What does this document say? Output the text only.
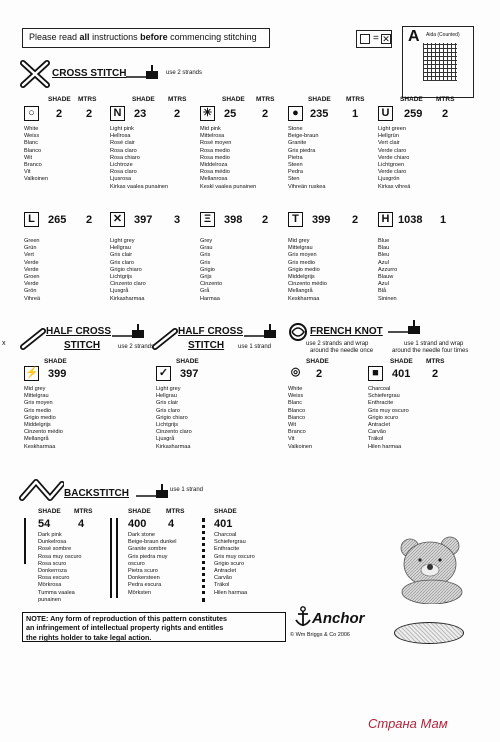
Please read all instructions before commencing stitching	= ✕ A Aida (Counted)
CROSS STITCH	use 2 strands
SHADE MTRS
○	2 2
White
Weiss
Blanc
Blanco
Wit
Branco
Vit
Valkoinen
SHADE MTRS
N	23	2
Light pink
Hellrosa
Rosé clair
Rosa claro
Rosa chiaro
Lichtroze
Rosa claro
Ljusrosa
Kirkas vaalea punainen
SHADE MTRS
✳ 25 2
Mid pink
Mittelrosa
Rosé moyen
Rosa medio
Rosa medio
Middelroza
Rosa médio
Mellanrosa
Keskl vaalea punainen
SHADE MTRS
●	235 1
Stone
Beige-braun
Granite
Gris piedra
Pietra
Steen
Pedra
Sten
Vihreän ruskea
SHADE MTRS
U	259 2
Light green
Hellgrün
Vert clair
Verde claro
Verde chiaro
Lichtgroen
Verde claro
Ljusgrön
Kirkas vihreä
L	265 2
Green
Grün
Vert
Verde
Verde
Groen
Verde
Grön
Vihreä
✕ 397 3
Light grey
Hellgrau
Gris clair
Gris claro
Grigio chiaro
Lichtgrijs
Cinzento claro
Ljusgrå
Kirkasharmaa
Ξ	398 2
Grey
Grau
Gris
Gris
Grigio
Grijs
Cinzento
Grå
Harmaa
T	399 2
Mid grey
Mittelgrau
Gris moyen
Gris medio
Grigio medio
Middelgrijs
Cinzento médio
Mellangrå
Keskharmaa
H 1038 1
Blue
Blau
Bleu
Azul
Azzurro
Blauw
Azul
Blå
Sininen
x
HALF CROSS
STITCH	use 2 strands
HALF CROSS
STITCH use 1 strand
FRENCH KNOT
use 2 strands and wrap
around the needle once
use 1 strand and wrap
around the needle four times
SHADE
⚡ 399
Mid grey
Mittelgrau
Gris moyen
Gris medio
Grigio medio
Middelgrijs
Cinzento médio
Mellangrå
Keskharmaa
SHADE
✓ 397
Light grey
Hellgrau
Gris clair
Gris claro
Grigio chiaro
Lichtgrijs
Cinzento claro
Ljusgrå
Kirkasharmaa
SHADE
◎ 2
White
Weiss
Blanc
Blanco
Bianco
Wit
Branco
Vit
Valkoinen
SHADE MTRS
■	401 2
Charcoal
Schiefergrau
Enthracite
Gris muy oscuro
Grigio scuro
Antraclet
Carvão
Träkol
Hilen harmaa
BACKSTITCH	use 1 strand
SHADE MTRS
54	4
Dark pink
Dunkelrosa
Rosé sombre
Rosa muy oscuro
Rosa scuro
Donkerroza
Rosa escuro
Mörkrosa
Tumma vaalea
punainen
SHADE MTRS
400 4
Dark stone
Beige-braun dunkel
Granite sombre
Gris piedra muy
oscuro
Pietra scuro
Donkersteen
Pedra escura
Mörksten
SHADE
401
Charcoal
Schiefergrau
Enthracite
Gris muy oscuro
Grigio scuro
Antraclet
Carvão
Träkol
Hilen harmaa
NOTE: Any form of reproduction of this pattern constitutes
an infringement of intellectual property rights and entitles
the rights holder to take legal action.
Anchor
© Wm Briggs & Co 2006
~
Страна Мам
